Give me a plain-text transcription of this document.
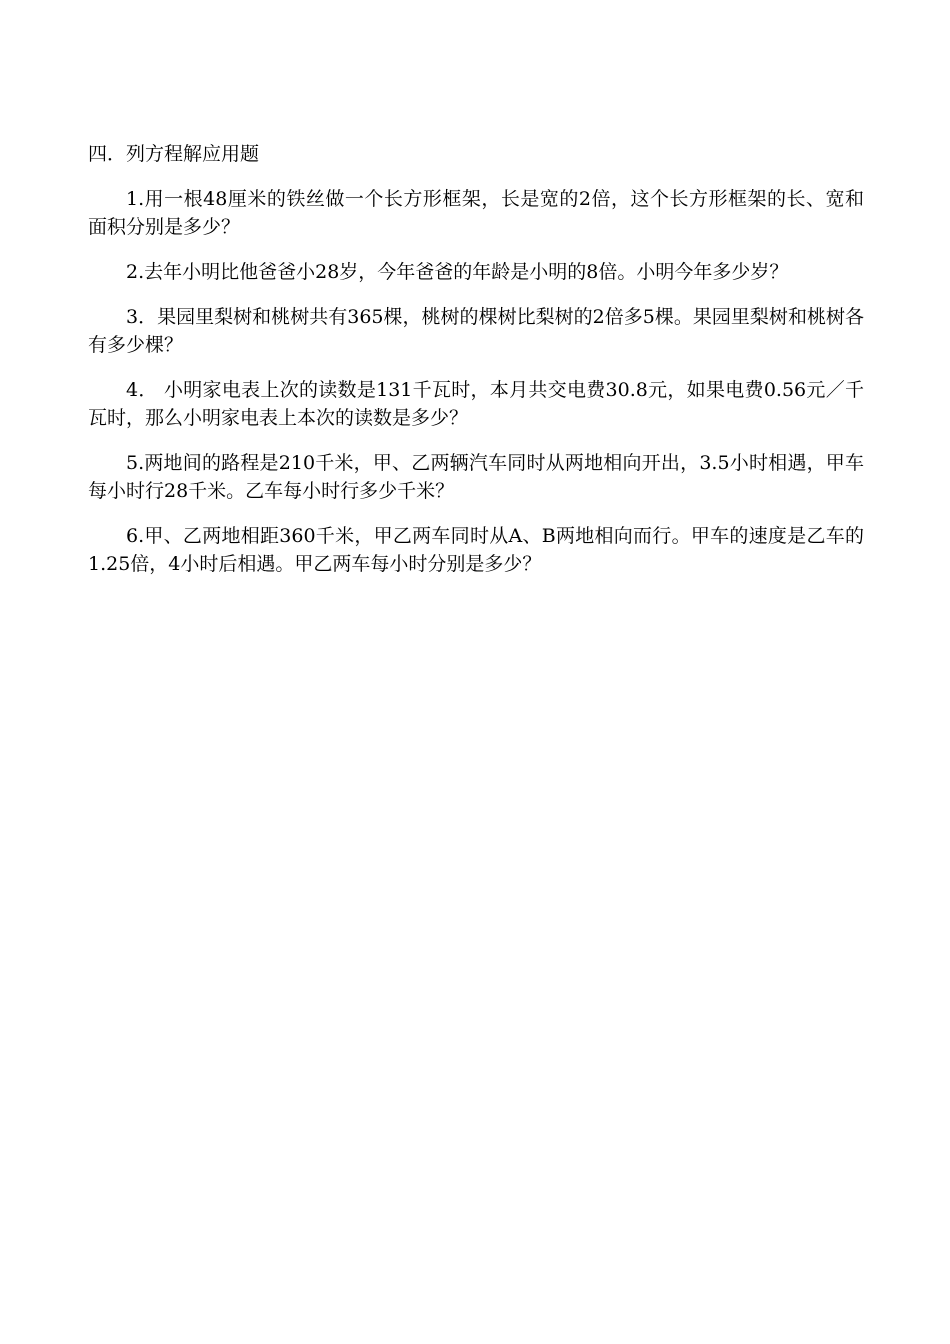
四．列方程解应用题

1.用一根48厘米的铁丝做一个长方形框架，长是宽的2倍，这个长方形框架的长、宽和面积分别是多少？

2.去年小明比他爸爸小28岁，今年爸爸的年龄是小明的8倍。小明今年多少岁？

3．果园里梨树和桃树共有365棵，桃树的棵树比梨树的2倍多5棵。果园里梨树和桃树各有多少棵？

4． 小明家电表上次的读数是131千瓦时，本月共交电费30.8元，如果电费0.56元／千瓦时，那么小明家电表上本次的读数是多少？

5.两地间的路程是210千米，甲、乙两辆汽车同时从两地相向开出，3.5小时相遇，甲车每小时行28千米。乙车每小时行多少千米？

6.甲、乙两地相距360千米，甲乙两车同时从A、B两地相向而行。甲车的速度是乙车的1.25倍，4小时后相遇。甲乙两车每小时分别是多少？
